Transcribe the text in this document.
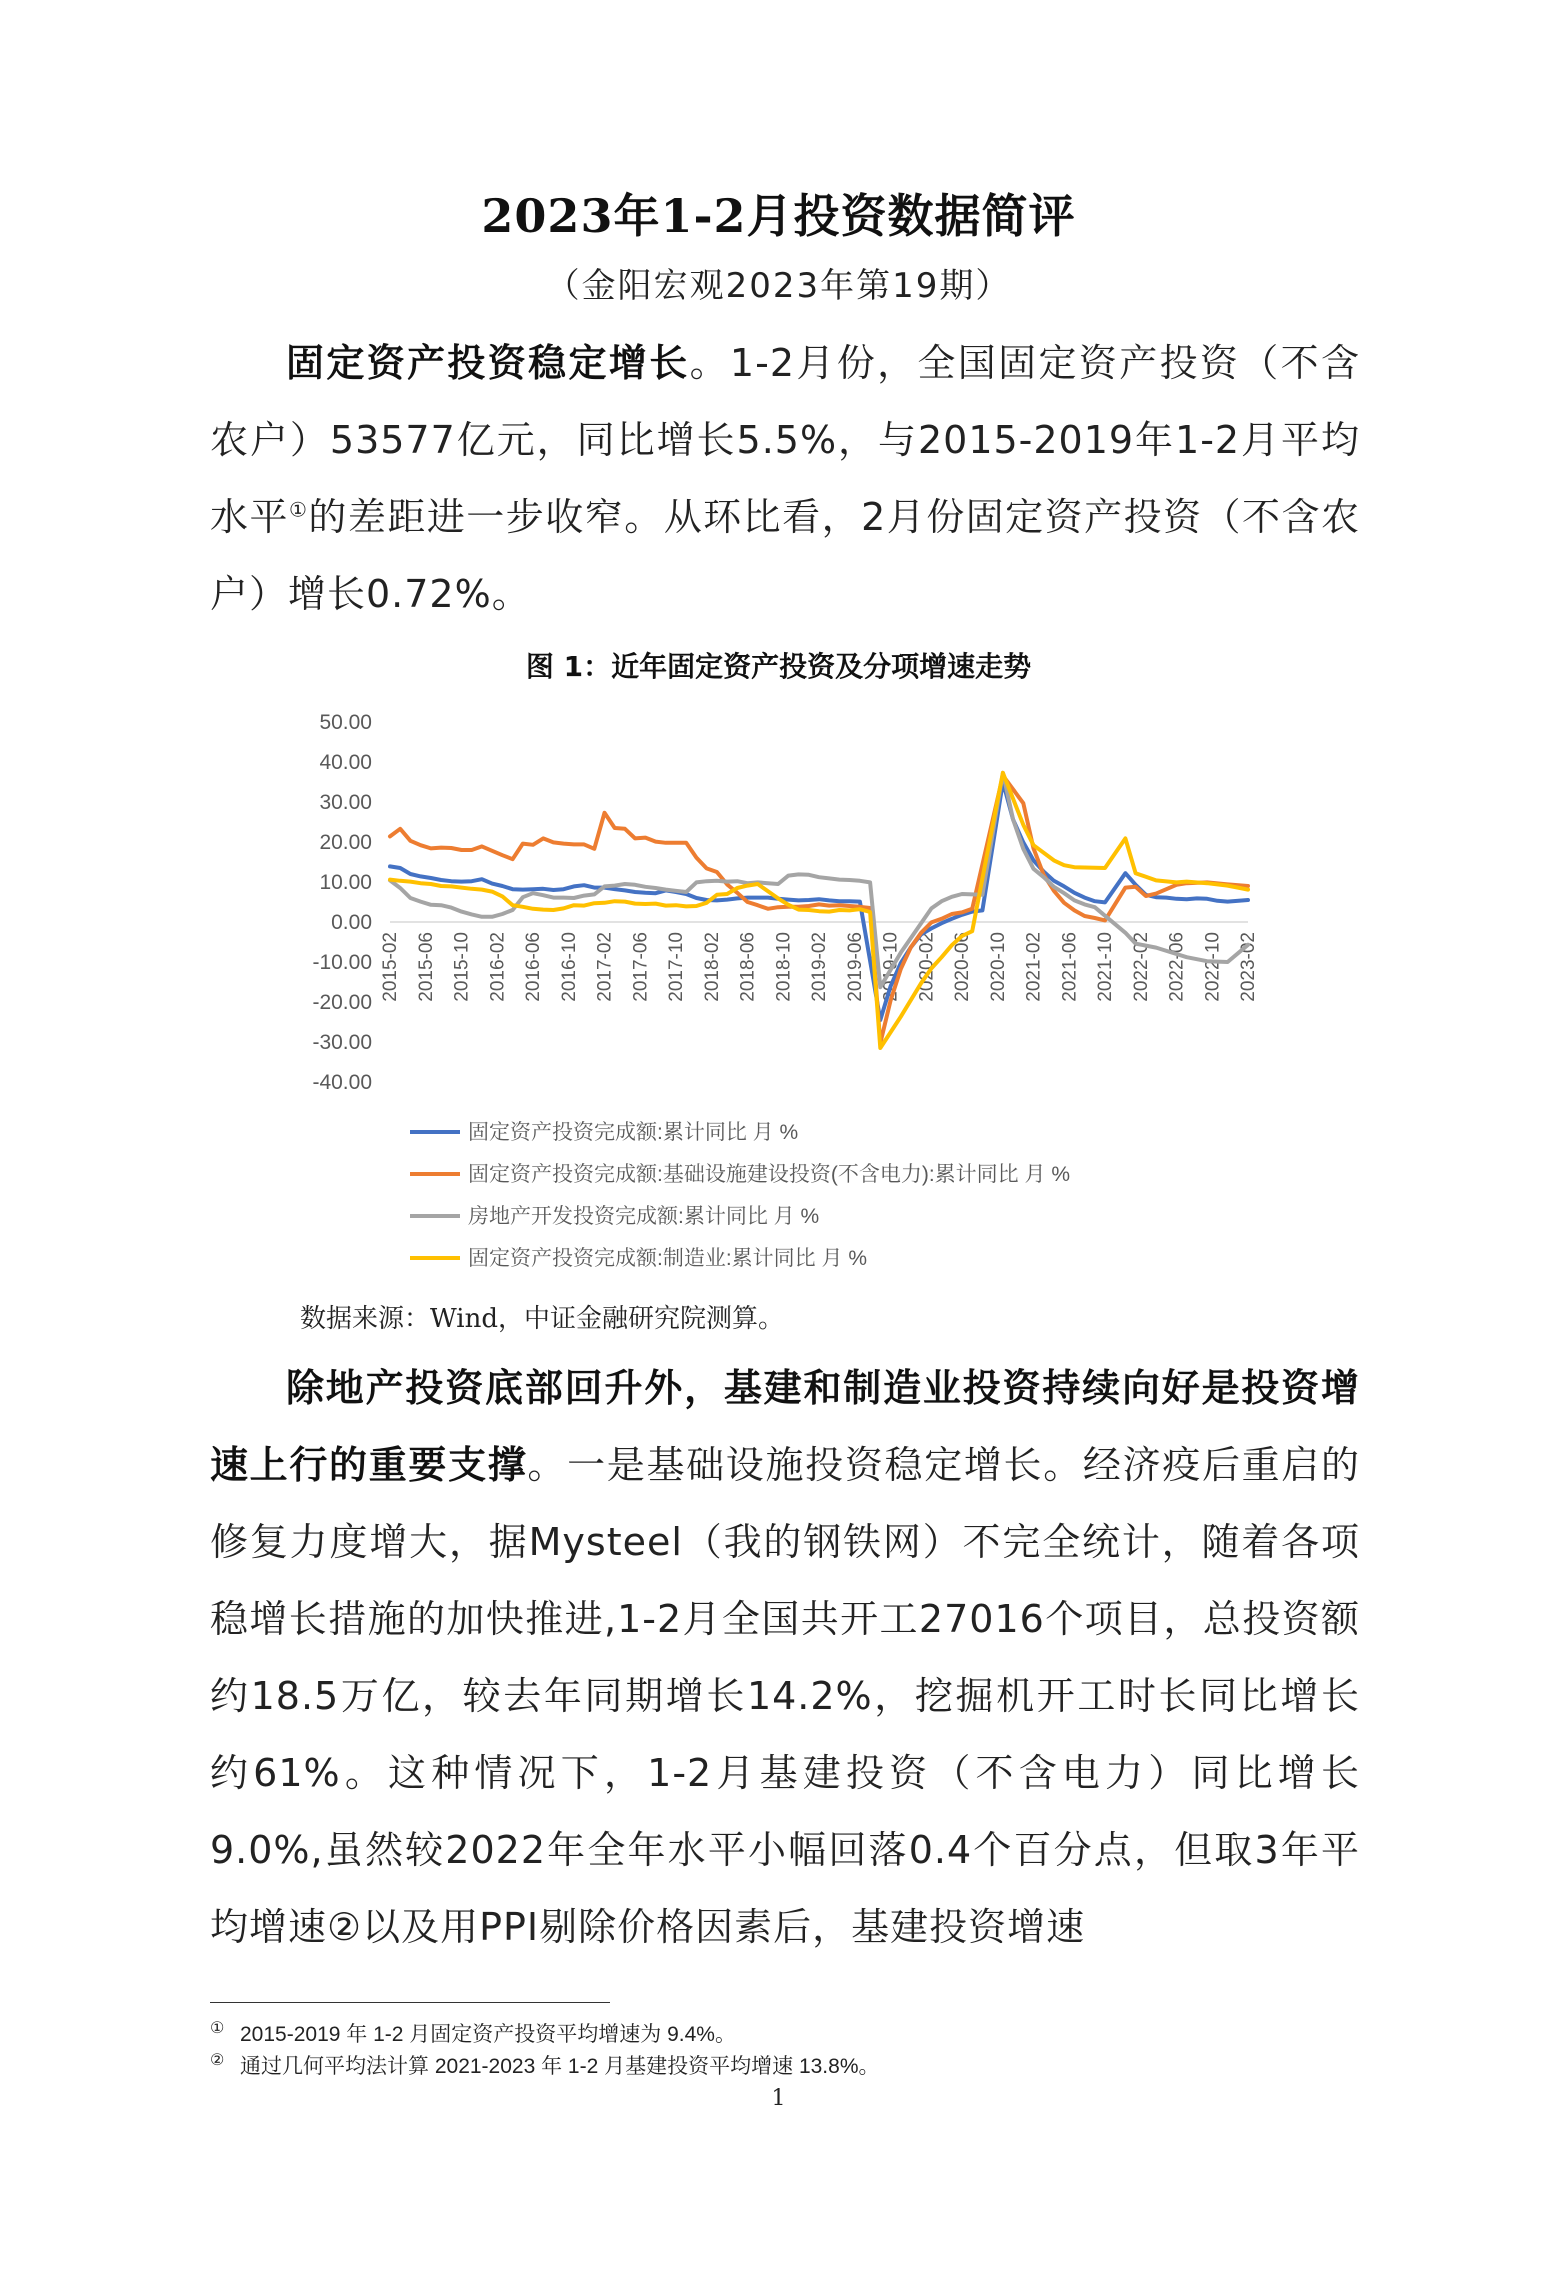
2023年1-2月投资数据简评
（金阳宏观2023年第19期）
固定资产投资稳定增长。1-2月份，全国固定资产投资（不含农户）53577亿元，同比增长5.5%，与2015-2019年1-2月平均水平①的差距进一步收窄。从环比看，2月份固定资产投资（不含农户）增长0.72%。
图 1：近年固定资产投资及分项增速走势
50.00
40.00
30.00
20.00
10.00
0.00
-10.00
-20.00
-30.00
-40.00
2015-02 2015-06 2015-10 2016-02 2016-06 2016-10 2017-02 2017-06 2017-10 2018-02 2018-06 2018-10 2019-02 2019-06 2019-10 2020-02 2020-06 2020-10 2021-02 2021-06 2021-10 2022-02 2022-06 2022-10 2023-02
固定资产投资完成额:累计同比 月 %
固定资产投资完成额:基础设施建设投资(不含电力):累计同比 月 %
房地产开发投资完成额:累计同比 月 %
固定资产投资完成额:制造业:累计同比 月 %
数据来源：Wind，中证金融研究院测算。
除地产投资底部回升外，基建和制造业投资持续向好是投资增速上行的重要支撑。一是基础设施投资稳定增长。经济疫后重启的修复力度增大，据Mysteel（我的钢铁网）不完全统计，随着各项稳增长措施的加快推进,1-2月全国共开工27016个项目，总投资额约18.5万亿，较去年同期增长14.2%，挖掘机开工时长同比增长约61%。这种情况下，1-2月基建投资（不含电力）同比增长9.0%,虽然较2022年全年水平小幅回落0.4个百分点，但取3年平均增速②以及用PPI剔除价格因素后，基建投资增速
① 2015-2019 年 1-2 月固定资产投资平均增速为 9.4%。
② 通过几何平均法计算 2021-2023 年 1-2 月基建投资平均增速 13.8%。
1
